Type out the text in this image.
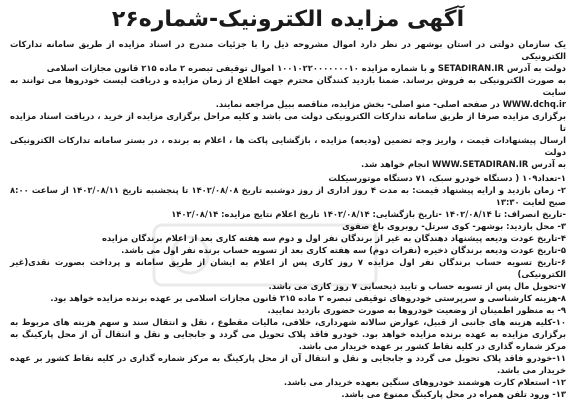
آگهی مزایده الکترونیک-شماره۲۶

یک سازمان دولتی در استان بوشهر در نظر دارد اموال مشروحه ذیل را با جزئیات مندرج در اسناد مزایده از طریق سامانه تدارکات الکترونیکی

دولت به آدرس SETADIRAN.IR و با شماره مزایده ۱۰۰۱۰۲۲۰۰۰۰۰۰۰۱۰ اموال توقیفی تبصره ۲ ماده ۲۱۵ قانون مجازات اسلامی

به صورت الکترونیکی به فروش برساند. ضمنا بازدید کنندگان محترم جهت اطلاع از زمان مزایده و دریافت لیست خودروها می توانند به سایت

WWW.dchq.ir در صفحه اصلی- منو اصلی- بخش مزایده، مناقصه ببیل مراجعه نمایند.

برگزاری مزایده صرفا از طریق سامانه تدارکات الکترونیکی دولت می باشد و کلیه مراحل برگزاری مزایده از خرید ، دریافت اسناد مزایده تا

ارسال پیشنهادات قیمت ، واریز وجه تضمین (ودیعه) مزایده ، بازگشایی پاکت ها ، اعلام به برنده ، در بستر سامانه تدارکات الکترونیکی دولت

به آدرس WWW.SETADIRAN.IR انجام خواهد شد.

۱-تعداد۱۰۹ ( دستگاه خودرو سبک، ۷۱ دستگاه موتورسیکلت

۲- زمان بازدید و ارایه پیشنهاد قیمت: به مدت ۴ روز اداری از روز دوشنبه تاریخ ۱۴۰۲/۰۸/۰۸ تا پنجشنبه تاریخ ۱۴۰۲/۰۸/۱۱ از ساعت ۸:۰۰ صبح لغایت ۱۳:۳۰

-تاریخ انصراف: تا ۱۴۰۲/۰۸/۱۴ -تاریخ بازگشایی: ۱۴۰۲/۰۸/۱۴ تاریخ اعلام نتایج مزایده: ۱۴۰۲/۰۸/۱۴

۳- محل بازدید: بوشهر- کوی سرتل- روبروی باغ صفوی

۴-تاریخ عودت ودیعه پیشنهاد دهندگان به غیر از برندگان نفر اول و دوم سه هفته کاری بعد از اعلام برندگان مزایده

۵-تاریخ عودت ودیعه برندگان ذخیره (نفرات دوم) سه هفته کاری بعد از تسویه حساب برنده نفر اول می باشد.

۶-تاریخ تسویه حساب برندگان نفر اول مزایده ۷ روز کاری پس از اعلام به ایشان از طریق سامانه و پرداخت بصورت نقدی(غیر الکترونیکی)

۷-تحویل مال پس از تسویه حساب و تایید ذیحسابی ۷ روز کاری می باشد.

۸-هزینه کارشناسی و سرپرستی خودروهای توقیفی تبصره ۲ ماده ۲۱۵ قانون مجازات اسلامی بر عهده برنده مزایده خواهد بود.

۹- به منظور اطمینان از وضعیت خودروها به صورت حضوری بازدید نمایید.

۱۰-کلیه هزینه های جانبی از قبیل، عوارض سالانه شهرداری، خلافی، مالیات مقطوع ، نقل و انتقال سند و سهم هزینه های مربوط به برگزاری مزایده به عهده برنده مزایده خواهد بود. خودرو فاقد پلاک تحویل می گردد و جابجایی و نقل و انتقال آن از محل پارکینگ به مرکز شماره گذاری در کلیه نقاط کشور بر عهده خریدار می باشد.

۱۱-خودرو فاقد پلاک تحویل می گردد و جابجایی و نقل و انتقال آن از محل پارکینگ به مرکز شماره گذاری در کلیه نقاط کشور بر عهده خریدار می باشد.

۱۲- استعلام کارت هوشمند خودروهای سنگین بعهده خریدار می باشد.

۱۳- ورود تلفن همراه در محل پارکینگ ممنوع می باشد.
